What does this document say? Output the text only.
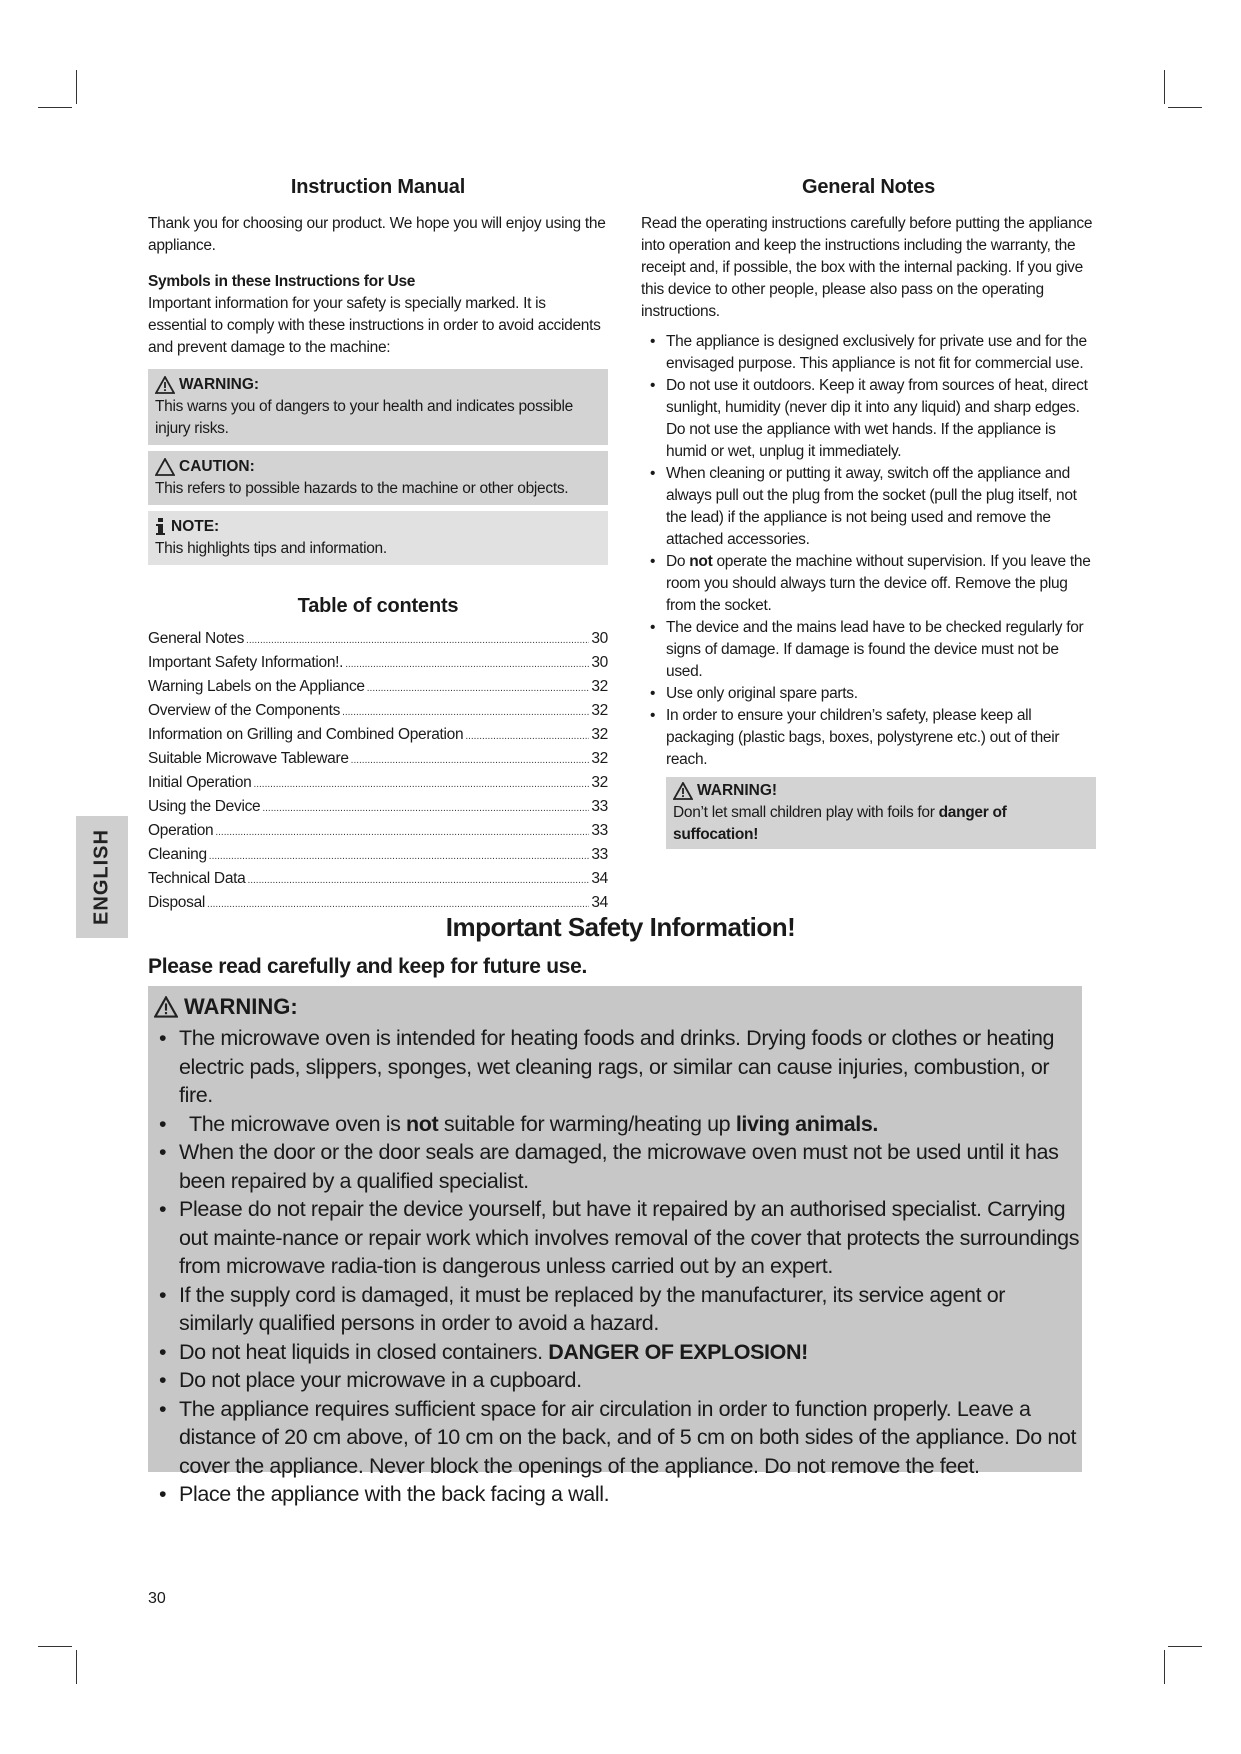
ENGLISH
Instruction Manual

Thank you for choosing our product. We hope you will enjoy using the appliance.

Symbols in these Instructions for Use

Important information for your safety is specially marked. It is essential to comply with these instructions in order to avoid accidents and prevent damage to the machine:

WARNING:

This warns you of dangers to your health and indicates possible injury risks.

CAUTION:

This refers to possible hazards to the machine or other objects.

NOTE:

This highlights tips and information.

Table of contents
General Notes .....	30
Important Safety Information!. .....	30
Warning Labels on the Appliance .....	32
Overview of the Components .....	32
Information on Grilling and Combined Operation .....	32
Suitable Microwave Tableware .....	32
Initial Operation .....	32
Using the Device .....	33
Operation .....	33
Cleaning .....	33
Technical Data .....	34
Disposal .....	34
General Notes

Read the operating instructions carefully before putting the appliance into operation and keep the instructions including the warranty, the receipt and, if possible, the box with the internal packing. If you give this device to other people, please also pass on the operating instructions.

• The appliance is designed exclusively for private use and for the envisaged purpose. This appliance is not fit for commercial use.
• Do not use it outdoors. Keep it away from sources of heat, direct sunlight, humidity (never dip it into any liquid) and sharp edges. Do not use the appliance with wet hands. If the appliance is humid or wet, unplug it immediately.
• When cleaning or putting it away, switch off the appliance and always pull out the plug from the socket (pull the plug itself, not the lead) if the appliance is not being used and remove the attached accessories.
• Do not operate the machine without supervision. If you leave the room you should always turn the device off. Remove the plug from the socket.
• The device and the mains lead have to be checked regularly for signs of damage. If damage is found the device must not be used.
• Use only original spare parts.
• In order to ensure your children’s safety, please keep all packaging (plastic bags, boxes, polystyrene etc.) out of their reach.
WARNING!

Don’t let small children play with foils for danger of suffocation!

Important Safety Information!
Please read carefully and keep for future use.
WARNING:
• The microwave oven is intended for heating foods and drinks. Drying foods or clothes or heating electric pads, slippers, sponges, wet cleaning rags, or similar can cause injuries, combustion, or fire.
• The microwave oven is not suitable for warming/heating up living animals.
• When the door or the door seals are damaged, the microwave oven must not be used until it has been repaired by a qualified specialist.
• Please do not repair the device yourself, but have it repaired by an authorised specialist. Carrying out mainte-nance or repair work which involves removal of the cover that protects the surroundings from microwave radia-tion is dangerous unless carried out by an expert.
• If the supply cord is damaged, it must be replaced by the manufacturer, its service agent or similarly qualified persons in order to avoid a hazard.
• Do not heat liquids in closed containers. DANGER OF EXPLOSION!
• Do not place your microwave in a cupboard.
• The appliance requires sufficient space for air circulation in order to function properly. Leave a distance of 20 cm above, of 10 cm on the back, and of 5 cm on both sides of the appliance. Do not cover the appliance. Never block the openings of the appliance. Do not remove the feet.
• Place the appliance with the back facing a wall.
30
